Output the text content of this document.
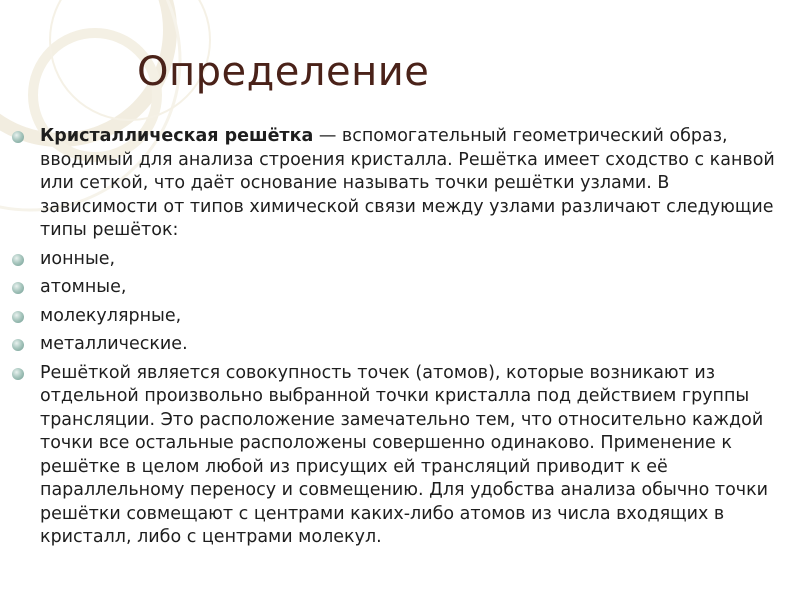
Определение
Кристаллическая решётка — вспомогательный геометрический образ, вводимый для анализа строения кристалла. Решётка имеет сходство с канвой или сеткой, что даёт основание называть точки решётки узлами. В зависимости от типов химической связи между узлами различают следующие типы решёток:
ионные,
атомные,
молекулярные,
металлические.
Решёткой является совокупность точек (атомов), которые возникают из отдельной произвольно выбранной точки кристалла под действием группы трансляции. Это расположение замечательно тем, что относительно каждой точки все остальные расположены совершенно одинаково. Применение к решётке в целом любой из присущих ей трансляций приводит к её параллельному переносу и совмещению. Для удобства анализа обычно точки решётки совмещают с центрами каких-либо атомов из числа входящих в кристалл, либо с центрами молекул.
